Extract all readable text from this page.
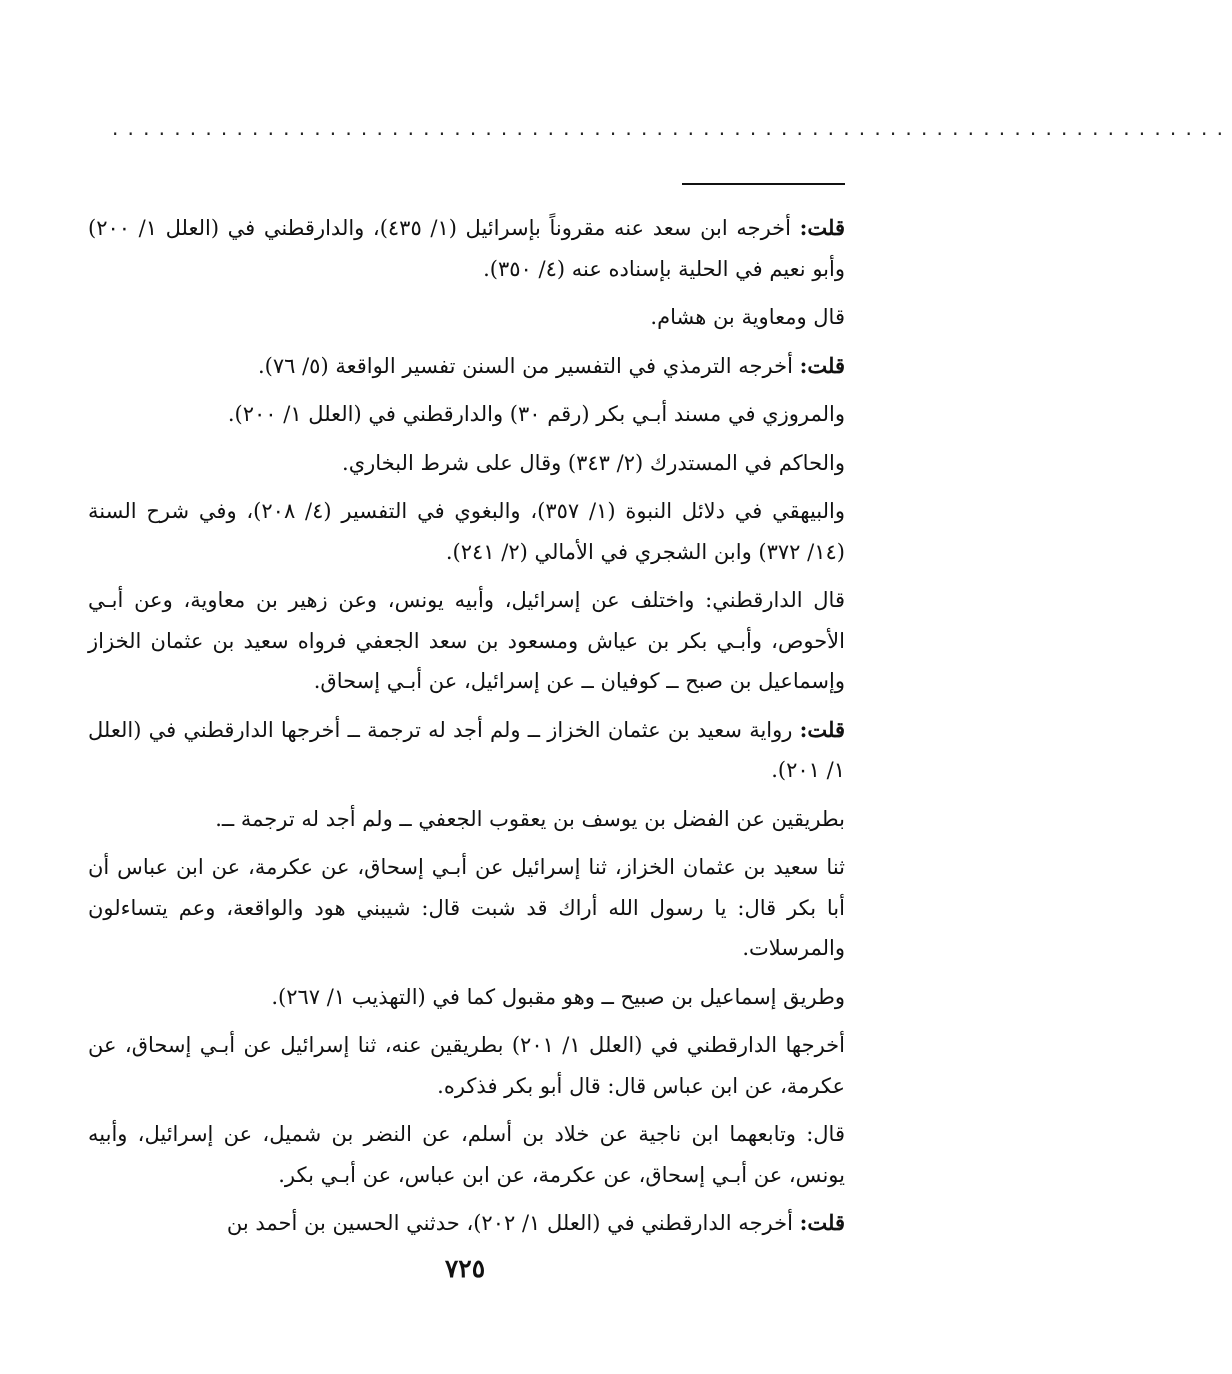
........................................................................

قلت: أخرجه ابن سعد عنه مقروناً بإسرائيل (١/ ٤٣٥)، والدارقطني في (العلل ١/ ٢٠٠) وأبو نعيم في الحلية بإسناده عنه (٤/ ٣٥٠).

قال ومعاوية بن هشام.

قلت: أخرجه الترمذي في التفسير من السنن تفسير الواقعة (٥/ ٧٦).

والمروزي في مسند أبـي بكر (رقم ٣٠) والدارقطني في (العلل ١/ ٢٠٠).

والحاكم في المستدرك (٢/ ٣٤٣) وقال على شرط البخاري.

والبيهقي في دلائل النبوة (١/ ٣٥٧)، والبغوي في التفسير (٤/ ٢٠٨)، وفي شرح السنة (١٤/ ٣٧٢) وابن الشجري في الأمالي (٢/ ٢٤١).

قال الدارقطني: واختلف عن إسرائيل، وأبيه يونس، وعن زهير بن معاوية، وعن أبـي الأحوص، وأبـي بكر بن عياش ومسعود بن سعد الجعفي فرواه سعيد بن عثمان الخزاز وإسماعيل بن صبح ــ كوفيان ــ عن إسرائيل، عن أبـي إسحاق.

قلت: رواية سعيد بن عثمان الخزاز ــ ولم أجد له ترجمة ــ أخرجها الدارقطني في (العلل ١/ ٢٠١).

بطريقين عن الفضل بن يوسف بن يعقوب الجعفي ــ ولم أجد له ترجمة ــ.

ثنا سعيد بن عثمان الخزاز، ثنا إسرائيل عن أبـي إسحاق، عن عكرمة، عن ابن عباس أن أبا بكر قال: يا رسول الله أراك قد شبت قال: شيبني هود والواقعة، وعم يتساءلون والمرسلات.

وطريق إسماعيل بن صبيح ــ وهو مقبول كما في (التهذيب ١/ ٢٦٧).

أخرجها الدارقطني في (العلل ١/ ٢٠١) بطريقين عنه، ثنا إسرائيل عن أبـي إسحاق، عن عكرمة، عن ابن عباس قال: قال أبو بكر فذكره.

قال: وتابعهما ابن ناجية عن خلاد بن أسلم، عن النضر بن شميل، عن إسرائيل، وأبيه يونس، عن أبـي إسحاق، عن عكرمة، عن ابن عباس، عن أبـي بكر.

قلت: أخرجه الدارقطني في (العلل ١/ ٢٠٢)، حدثني الحسين بن أحمد بن

٧٢٥
